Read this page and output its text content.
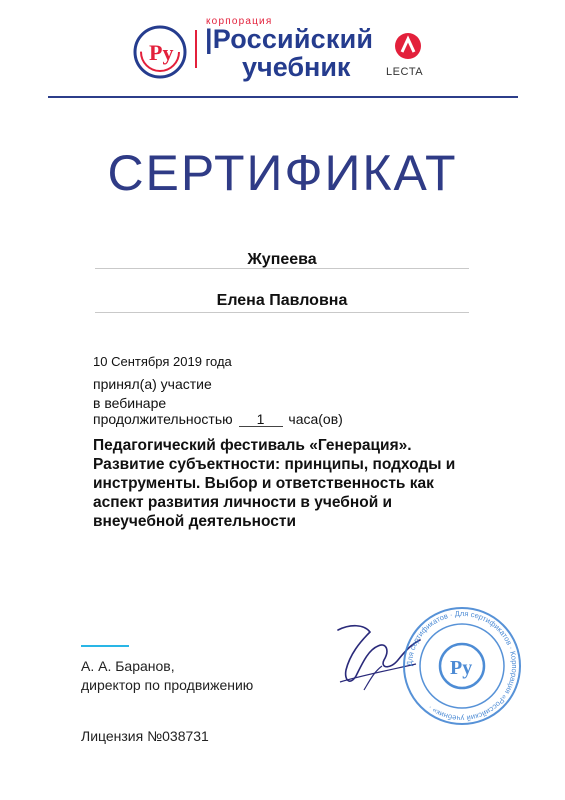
Ру
корпорация
|Российский
учебник	LECTA
СЕРТИФИКАТ
Жупеева
Елена Павловна
10 Сентября 2019 года
принял(а) участие
в вебинаре
продолжительностью 1 часа(ов)
Педагогический фестиваль «Генерация». Развитие субъектности: принципы, подходы и инструменты. Выбор и ответственность как аспект развития личности в учебной и внеучебной деятельности
А. А. Баранов,
директор по продвижению
Лицензия №038731
Для сертификатов · Для сертификатов · Корпорация «Российский учебник» ·
Ру
